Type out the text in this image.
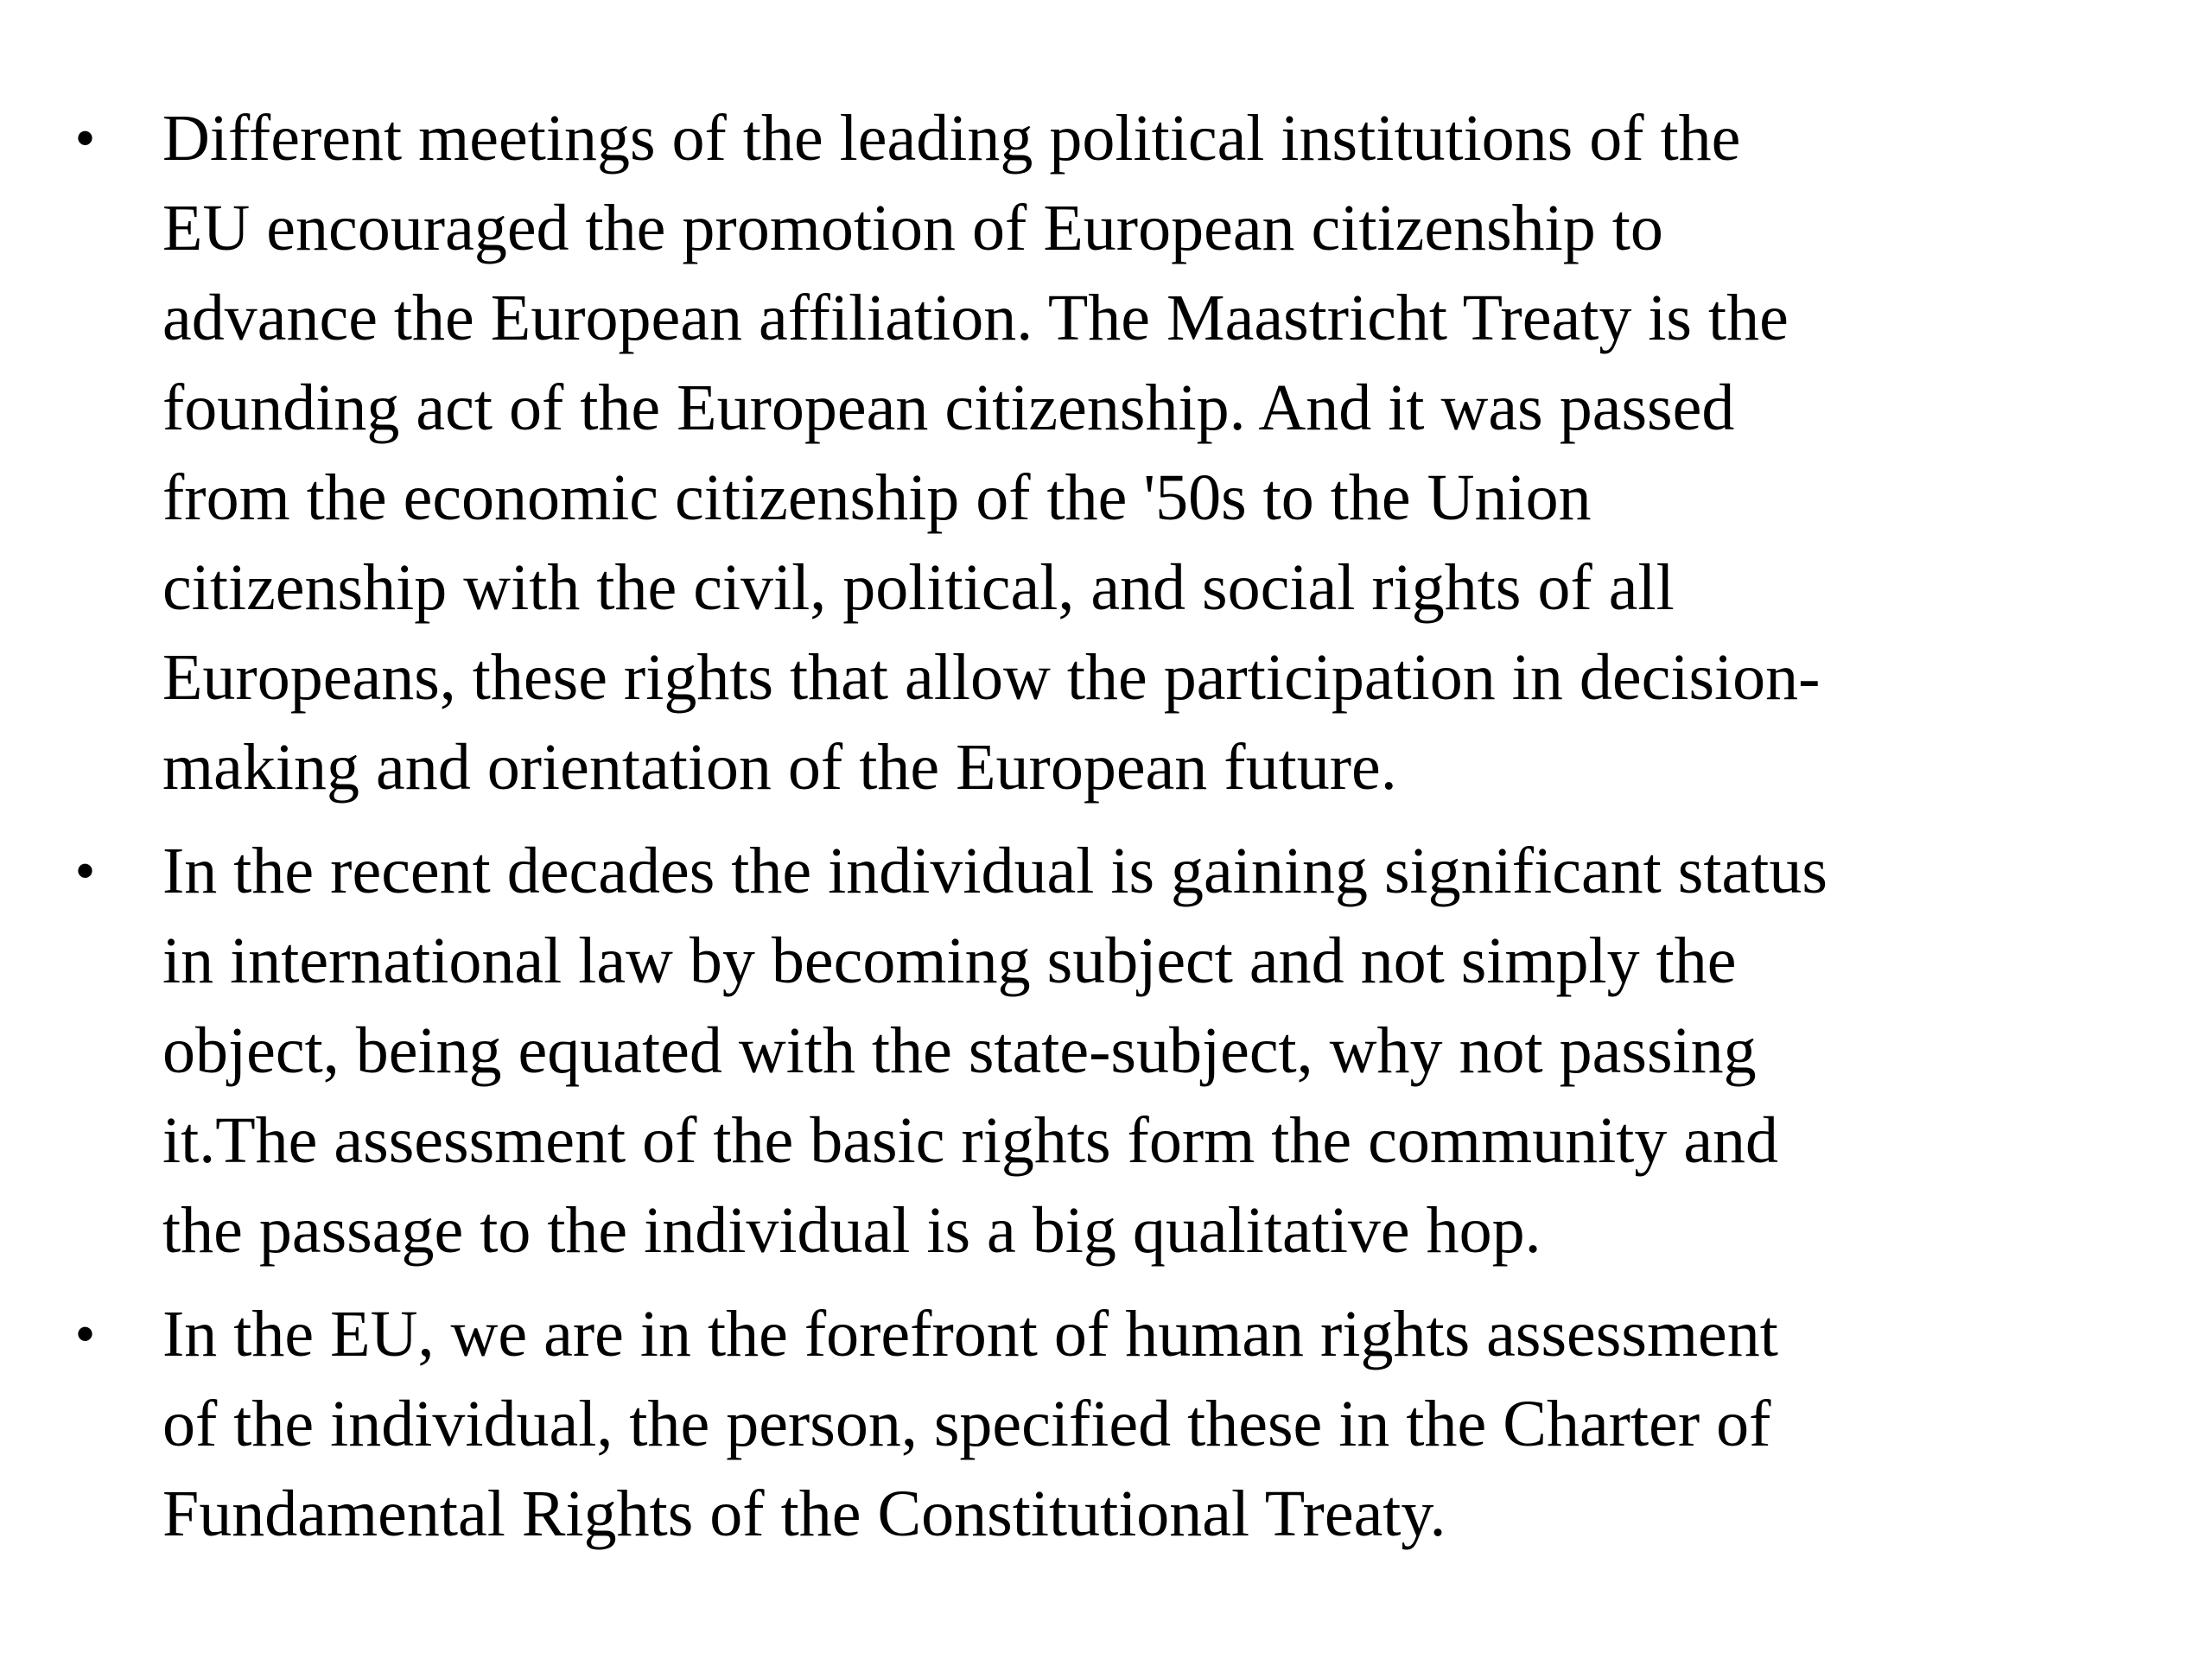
• Different meetings of the leading political institutions of the
EU encouraged the promotion of European citizenship to
advance the European affiliation. The Maastricht Treaty is the
founding act of the European citizenship. And it was passed
from the economic citizenship of the '50s to the Union
citizenship with the civil, political, and social rights of all
Europeans, these rights that allow the participation in decision-
making and orientation of the European future.
• In the recent decades the individual is gaining significant status
in international law by becoming subject and not simply the
object, being equated with the state-subject, why not passing
it.The assessment of the basic rights form the community and
the passage to the individual is a big qualitative hop.
• In the EU, we are in the forefront of human rights assessment
of the individual, the person, specified these in the Charter of
Fundamental Rights of the Constitutional Treaty.
